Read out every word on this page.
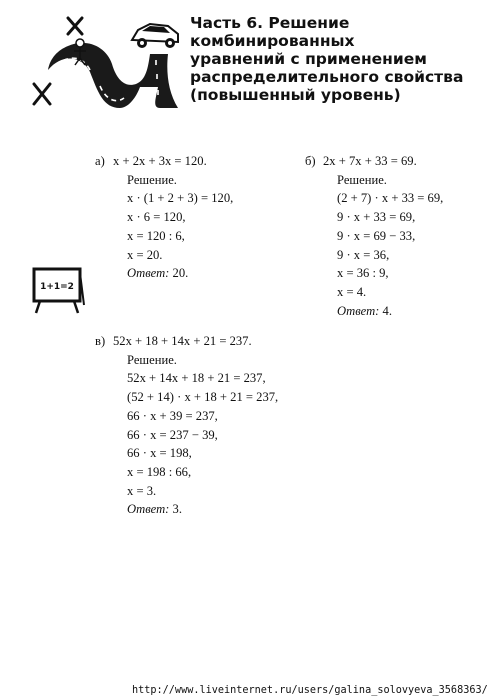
Часть 6. Решение
комбинированных
уравнений с применением
распределительного свойства
(повышенный уровень)
1+1=2
а) x + 2x + 3x = 120.
Решение.
x · (1 + 2 + 3) = 120,
x · 6 = 120,
x = 120 : 6,
x = 20.
Ответ: 20.
б) 2x + 7x + 33 = 69.
Решение.
(2 + 7) · x + 33 = 69,
9 · x + 33 = 69,
9 · x = 69 − 33,
9 · x = 36,
x = 36 : 9,
x = 4.
Ответ: 4.
в) 52x + 18 + 14x + 21 = 237.
Решение.
52x + 14x + 18 + 21 = 237,
(52 + 14) · x + 18 + 21 = 237,
66 · x + 39 = 237,
66 · x = 237 − 39,
66 · x = 198,
x = 198 : 66,
x = 3.
Ответ: 3.
http://www.liveinternet.ru/users/galina_solovyeva_3568363/
